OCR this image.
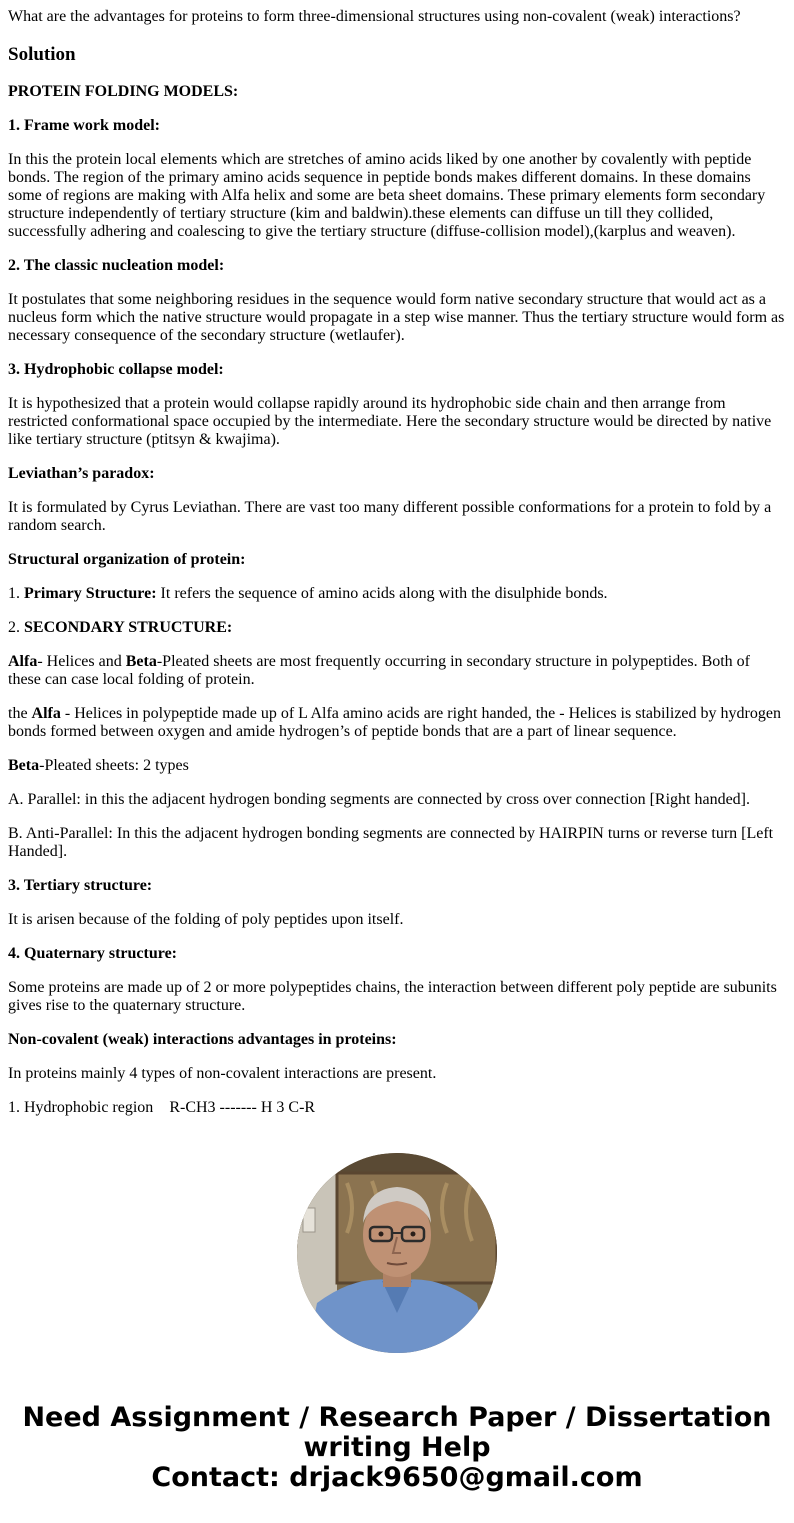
What are the advantages for proteins to form three-dimensional structures using non-covalent (weak) interactions?
Solution

PROTEIN FOLDING MODELS:

1. Frame work model:

In this the protein local elements which are stretches of amino acids liked by one another by covalently with peptide bonds. The region of the primary amino acids sequence in peptide bonds makes different domains. In these domains some of regions are making with Alfa helix and some are beta sheet domains. These primary elements form secondary structure independently of tertiary structure (kim and baldwin).these elements can diffuse un till they collided, successfully adhering and coalescing to give the tertiary structure (diffuse-collision model),(karplus and weaven).

2. The classic nucleation model:

It postulates that some neighboring residues in the sequence would form native secondary structure that would act as a nucleus form which the native structure would propagate in a step wise manner. Thus the tertiary structure would form as necessary consequence of the secondary structure (wetlaufer).

3. Hydrophobic collapse model:

It is hypothesized that a protein would collapse rapidly around its hydrophobic side chain and then arrange from restricted conformational space occupied by the intermediate. Here the secondary structure would be directed by native like tertiary structure (ptitsyn & kwajima).

Leviathan’s paradox:

It is formulated by Cyrus Leviathan. There are vast too many different possible conformations for a protein to fold by a random search.

Structural organization of protein:

1. Primary Structure: It refers the sequence of amino acids along with the disulphide bonds.

2. SECONDARY STRUCTURE:

Alfa- Helices and Beta-Pleated sheets are most frequently occurring in secondary structure in polypeptides. Both of these can case local folding of protein.

the Alfa - Helices in polypeptide made up of L Alfa amino acids are right handed, the - Helices is stabilized by hydrogen bonds formed between oxygen and amide hydrogen’s of peptide bonds that are a part of linear sequence.

Beta-Pleated sheets: 2 types

A. Parallel: in this the adjacent hydrogen bonding segments are connected by cross over connection [Right handed].

B. Anti-Parallel: In this the adjacent hydrogen bonding segments are connected by HAIRPIN turns or reverse turn [Left Handed].

3. Tertiary structure:

It is arisen because of the folding of poly peptides upon itself.

4. Quaternary structure:

Some proteins are made up of 2 or more polypeptides chains, the interaction between different poly peptide are subunits gives rise to the quaternary structure.

Non-covalent (weak) interactions advantages in proteins:

In proteins mainly 4 types of non-covalent interactions are present.

1. Hydrophobic region R-CH3 ------- H 3 C-R

Need Assignment / Research Paper / Dissertation
writing Help
Contact: drjack9650@gmail.com
